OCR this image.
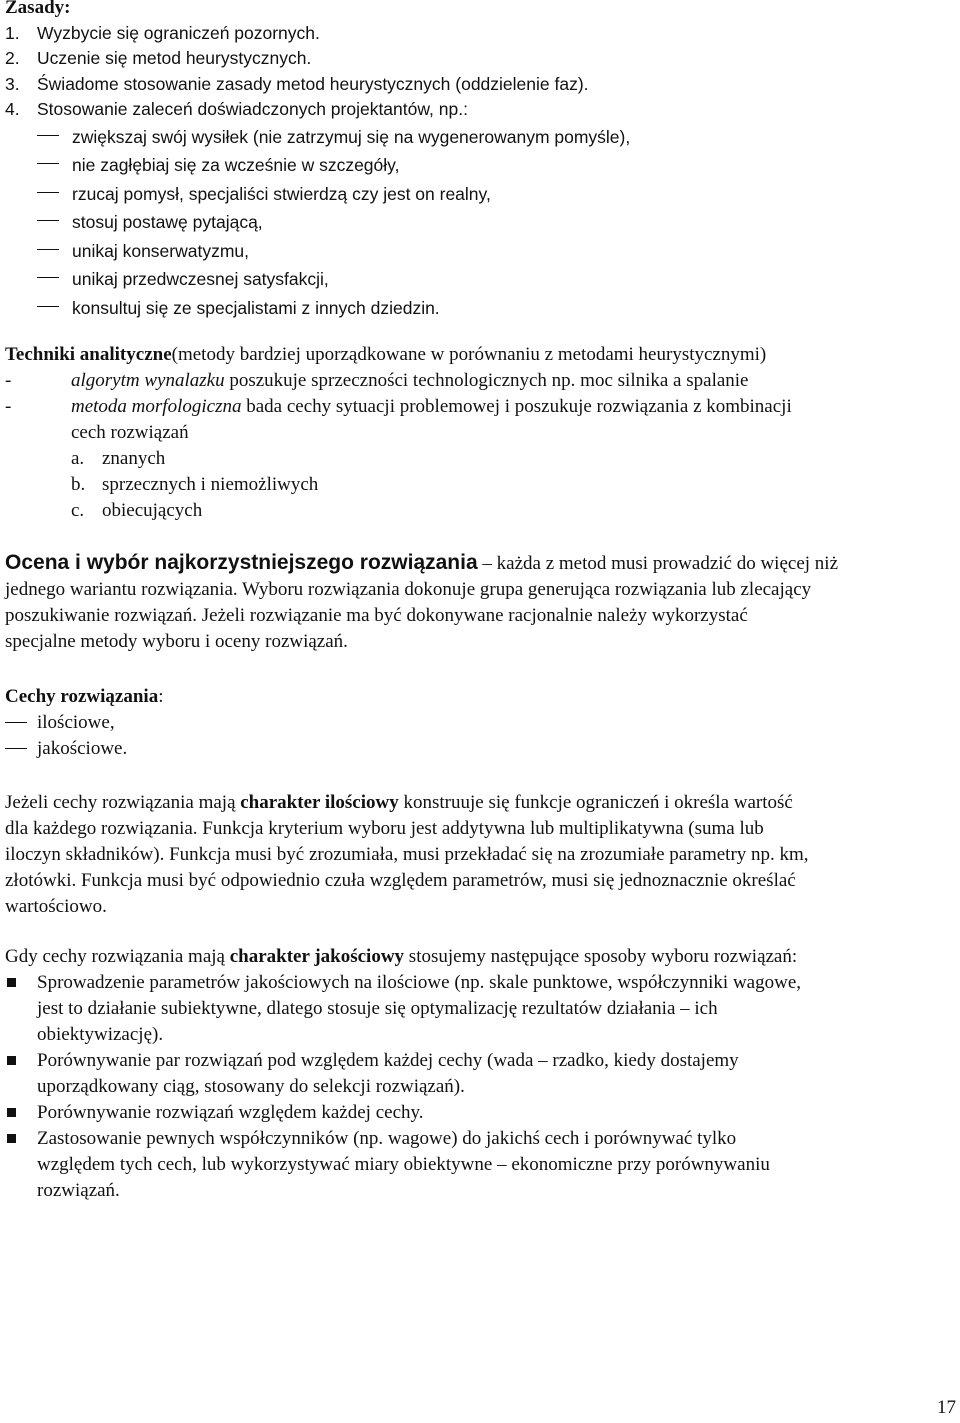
Zasady:
1. Wyzbycie się ograniczeń pozornych.
2. Uczenie się metod heurystycznych.
3. Świadome stosowanie zasady metod heurystycznych (oddzielenie faz).
4. Stosowanie zaleceń doświadczonych projektantów, np.:
zwiększaj swój wysiłek (nie zatrzymuj się na wygenerowanym pomyśle),
nie zagłębiaj się za wcześnie w szczegóły,
rzucaj pomysł, specjaliści stwierdzą czy jest on realny,
stosuj postawę pytającą,
unikaj konserwatyzmu,
unikaj przedwczesnej satysfakcji,
konsultuj się ze specjalistami z innych dziedzin.
Techniki analityczne(metody bardziej uporządkowane w porównaniu z metodami heurystycznymi)
-	algorytm wynalazku poszukuje sprzeczności technologicznych np. moc silnika a spalanie
-	metoda morfologiczna bada cechy sytuacji problemowej i poszukuje rozwiązania z kombinacji
cech rozwiązań
a. znanych
b. sprzecznych i niemożliwych
c. obiecujących
Ocena i wybór najkorzystniejszego rozwiązania – każda z metod musi prowadzić do więcej niż
jednego wariantu rozwiązania. Wyboru rozwiązania dokonuje grupa generująca rozwiązania lub zlecający
poszukiwanie rozwiązań. Jeżeli rozwiązanie ma być dokonywane racjonalnie należy wykorzystać
specjalne metody wyboru i oceny rozwiązań.
Cechy rozwiązania:
ilościowe,
jakościowe.
Jeżeli cechy rozwiązania mają charakter ilościowy konstruuje się funkcje ograniczeń i określa wartość
dla każdego rozwiązania. Funkcja kryterium wyboru jest addytywna lub multiplikatywna (suma lub
iloczyn składników). Funkcja musi być zrozumiała, musi przekładać się na zrozumiałe parametry np. km,
złotówki. Funkcja musi być odpowiednio czuła względem parametrów, musi się jednoznacznie określać
wartościowo.
Gdy cechy rozwiązania mają charakter jakościowy stosujemy następujące sposoby wyboru rozwiązań:
Sprowadzenie parametrów jakościowych na ilościowe (np. skale punktowe, współczynniki wagowe,
jest to działanie subiektywne, dlatego stosuje się optymalizację rezultatów działania – ich
obiektywizację).
Porównywanie par rozwiązań pod względem każdej cechy (wada – rzadko, kiedy dostajemy
uporządkowany ciąg, stosowany do selekcji rozwiązań).
Porównywanie rozwiązań względem każdej cechy.
Zastosowanie pewnych współczynników (np. wagowe) do jakichś cech i porównywać tylko
względem tych cech, lub wykorzystywać miary obiektywne – ekonomiczne przy porównywaniu
rozwiązań.
17
